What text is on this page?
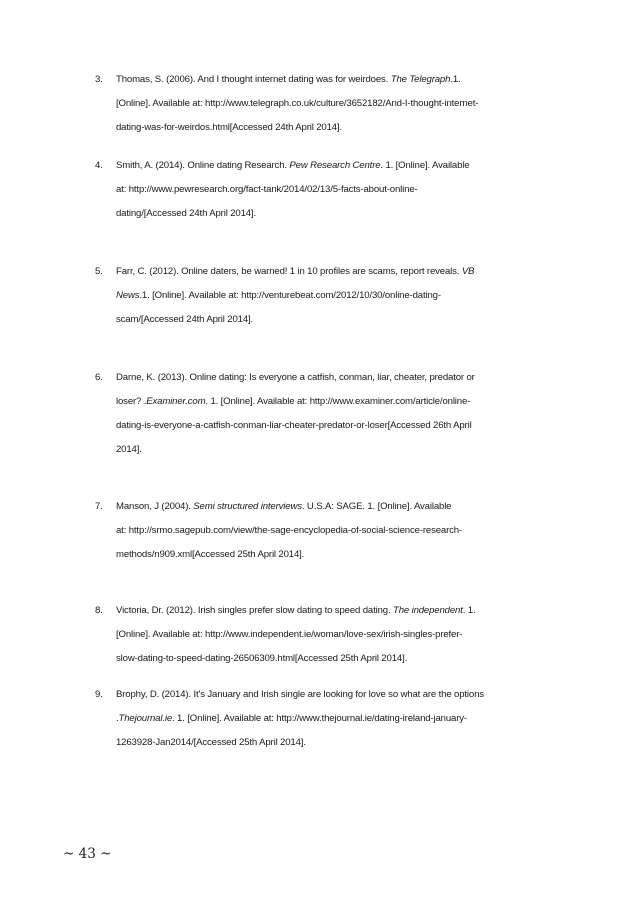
3. Thomas, S. (2006). And I thought internet dating was for weirdoes. The Telegraph.1.
[Online]. Available at: http://www.telegraph.co.uk/culture/3652182/And-I-thought-internet-
dating-was-for-weirdos.html[Accessed 24th April 2014].
4. Smith, A. (2014). Online dating Research. Pew Research Centre. 1. [Online]. Available
at: http://www.pewresearch.org/fact-tank/2014/02/13/5-facts-about-online-
dating/[Accessed 24th April 2014].
5. Farr, C. (2012). Online daters, be warned! 1 in 10 profiles are scams, report reveals. VB
News.1. [Online]. Available at: http://venturebeat.com/2012/10/30/online-dating-
scam/[Accessed 24th April 2014].
6. Darne, K. (2013). Online dating: Is everyone a catfish, conman, liar, cheater, predator or
loser? .Examiner.com. 1. [Online]. Available at: http://www.examiner.com/article/online-
dating-is-everyone-a-catfish-conman-liar-cheater-predator-or-loser[Accessed 26th April
2014].
7. Manson, J (2004). Semi structured interviews. U.S.A: SAGE. 1. [Online]. Available
at: http://srmo.sagepub.com/view/the-sage-encyclopedia-of-social-science-research-
methods/n909.xml[Accessed 25th April 2014].
8. Victoria, Dr. (2012). Irish singles prefer slow dating to speed dating. The independent. 1.
[Online]. Available at: http://www.independent.ie/woman/love-sex/irish-singles-prefer-
slow-dating-to-speed-dating-26506309.html[Accessed 25th April 2014].
9. Brophy, D. (2014). It's January and Irish single are looking for love so what are the options
.Thejournal.ie. 1. [Online]. Available at: http://www.thejournal.ie/dating-ireland-january-
1263928-Jan2014/[Accessed 25th April 2014].
~ 43 ~
